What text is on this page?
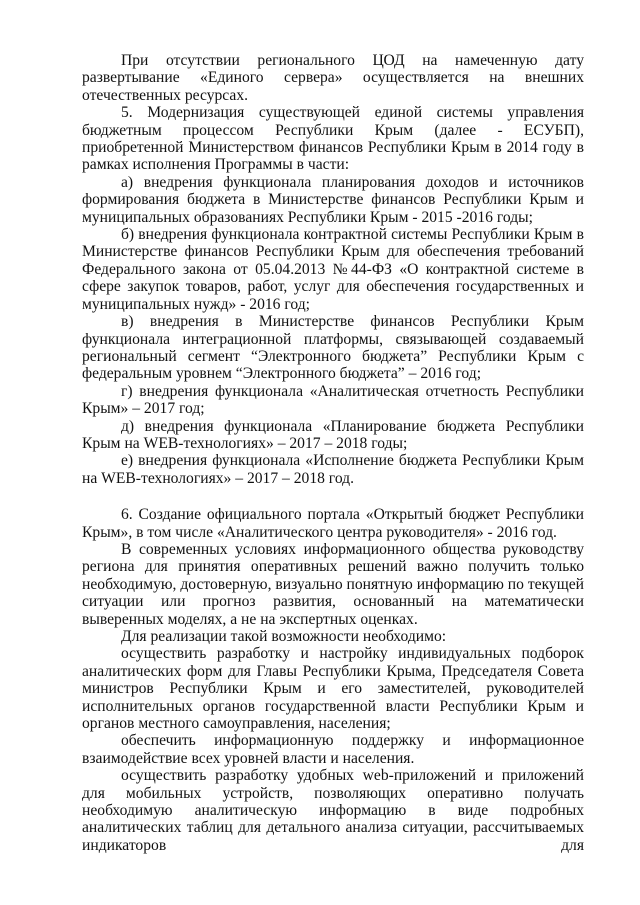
При отсутствии регионального ЦОД на намеченную дату развертывание «Единого сервера» осуществляется на внешних отечественных ресурсах.

5. Модернизация существующей единой системы управления бюджетным процессом Республики Крым (далее - ЕСУБП), приобретенной Министерством финансов Республики Крым в 2014 году в рамках исполнения Программы в части:

а) внедрения функционала планирования доходов и источников формирования бюджета в Министерстве финансов Республики Крым и муниципальных образованиях Республики Крым - 2015 -2016 годы;

б) внедрения функционала контрактной системы Республики Крым в Министерстве финансов Республики Крым для обеспечения требований Федерального закона от 05.04.2013 №44-ФЗ «О контрактной системе в сфере закупок товаров, работ, услуг для обеспечения государственных и муниципальных нужд» - 2016 год;

в) внедрения в Министерстве финансов Республики Крым функционала интеграционной платформы, связывающей создаваемый региональный сегмент “Электронного бюджета” Республики Крым с федеральным уровнем “Электронного бюджета” – 2016 год;

г) внедрения функционала «Аналитическая отчетность Республики Крым» – 2017 год;

д) внедрения функционала «Планирование бюджета Республики Крым на WEB-технологиях» – 2017 – 2018 годы;

е) внедрения функционала «Исполнение бюджета Республики Крым на WEB-технологиях» – 2017 – 2018 год.

6. Создание официального портала «Открытый бюджет Республики Крым», в том числе «Аналитического центра руководителя» - 2016 год.

В современных условиях информационного общества руководству региона для принятия оперативных решений важно получить только необходимую, достоверную, визуально понятную информацию по текущей ситуации или прогноз развития, основанный на математически выверенных моделях, а не на экспертных оценках.

Для реализации такой возможности необходимо:

осуществить разработку и настройку индивидуальных подборок аналитических форм для Главы Республики Крыма, Председателя Совета министров Республики Крым и его заместителей, руководителей исполнительных органов государственной власти Республики Крым и органов местного самоуправления, населения;

обеспечить информационную поддержку и информационное взаимодействие всех уровней власти и населения.

осуществить разработку удобных web-приложений и приложений для мобильных устройств, позволяющих оперативно получать необходимую аналитическую информацию в виде подробных аналитических таблиц для детального анализа ситуации, рассчитываемых индикаторов для
